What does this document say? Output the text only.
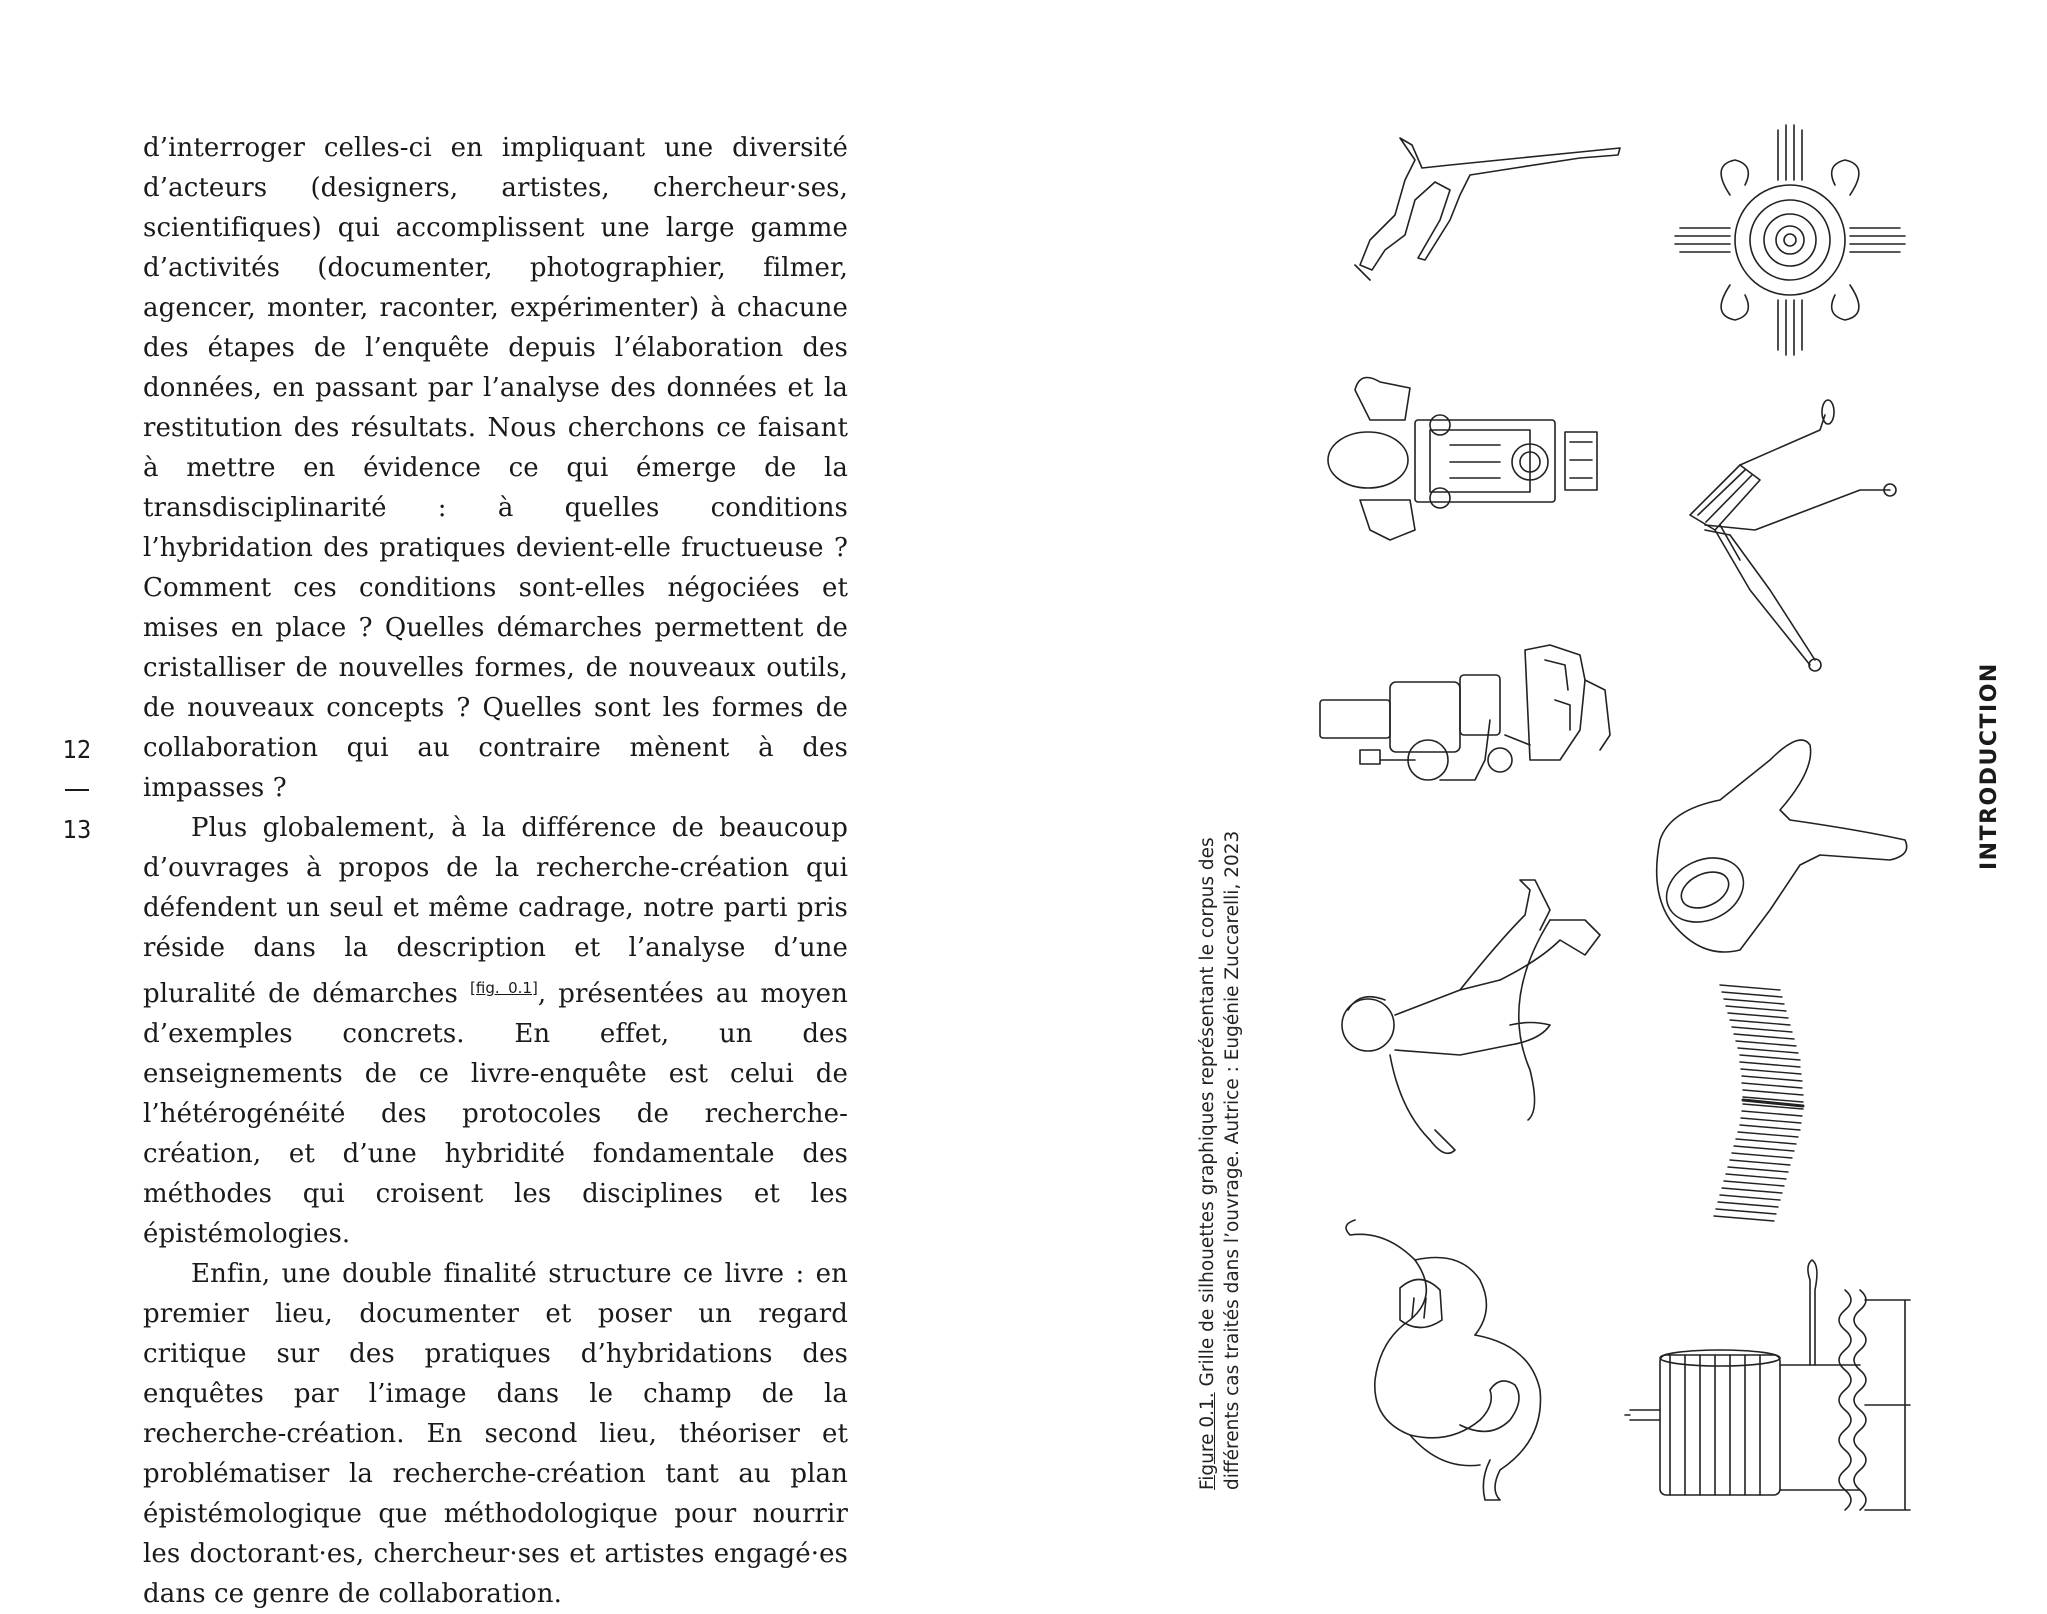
d’interroger celles-ci en impliquant une diversité d’acteurs (designers, artistes, chercheur·ses, scientifiques) qui accomplissent une large gamme d’activités (documenter, photographier, filmer, agencer, monter, raconter, expérimenter) à chacune des étapes de l’enquête depuis l’élaboration des données, en passant par l’analyse des données et la restitution des résultats. Nous cherchons ce faisant à mettre en évidence ce qui émerge de la transdisciplinarité : à quelles conditions l’hybridation des pratiques devient-elle fructueuse ? Comment ces conditions sont-elles négociées et mises en place ? Quelles démarches permettent de cristalliser de nouvelles formes, de nouveaux outils, de nouveaux concepts ? Quelles sont les formes de collaboration qui au contraire mènent à des impasses ?

Plus globalement, à la différence de beaucoup d’ouvrages à propos de la recherche-création qui défendent un seul et même cadrage, notre parti pris réside dans la description et l’analyse d’une pluralité de démarches [fig. 0.1], présentées au moyen d’exemples concrets. En effet, un des enseignements de ce livre-enquête est celui de l’hétérogénéité des protocoles de recherche-création, et d’une hybridité fondamentale des méthodes qui croisent les disciplines et les épistémologies.

Enfin, une double finalité structure ce livre : en premier lieu, documenter et poser un regard critique sur des pratiques d’hybridations des enquêtes par l’image dans le champ de la recherche-création. En second lieu, théoriser et problématiser la recherche-création tant au plan épistémologique que méthodologique pour nourrir les doctorant·es, chercheur·ses et artistes engagé·es dans ce genre de collaboration.

12
13
Figure 0.1. Grille de silhouettes graphiques représentant le corpus des différents cas traités dans l’ouvrage. Autrice : Eugénie Zuccarelli, 2023
INTRODUCTION
